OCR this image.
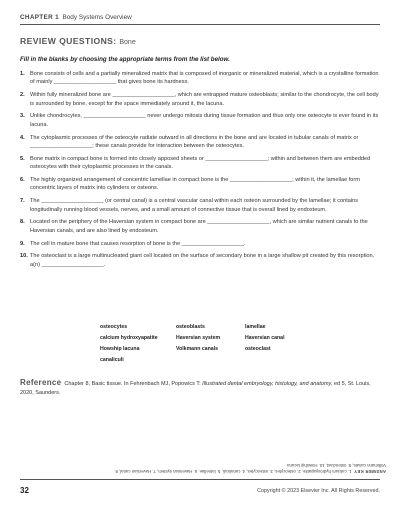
CHAPTER 1 Body Systems Overview
REVIEW QUESTIONS: Bone
Fill in the blanks by choosing the appropriate terms from the list below.
1. Bone consists of cells and a partially mineralized matrix that is composed of inorganic or mineralized material, which is a crystalline formation of mainly ____________________ that gives bone its hardness.
2. Within fully mineralized bone are ____________________, which are entrapped mature osteoblasts; similar to the chondrocyte, the cell body is surrounded by bone, except for the space immediately around it, the lacuna.
3. Unlike chondrocytes, ____________________ never undergo mitosis during tissue formation and thus only one osteocyte is ever found in its lacuna.
4. The cytoplasmic processes of the osteocyte radiate outward in all directions in the bone and are located in tubular canals of matrix or ____________________; these canals provide for interaction between the osteocytes.
5. Bone matrix in compact bone is formed into closely apposed sheets or ____________________; within and between them are embedded osteocytes with their cytoplasmic processes in the canals.
6. The highly organized arrangement of concentric lamellae in compact bone is the ____________________; within it, the lamellae form concentric layers of matrix into cylinders or osteons.
7. The ____________________ (or central canal) is a central vascular canal within each osteon surrounded by the lamellae; it contains longitudinally running blood vessels, nerves, and a small amount of connective tissue that is overall lined by endosteum.
8. Located on the periphery of the Haversian system in compact bone are ____________________, which are similar nutrient canals to the Haversian canals, and are also lined by endosteum.
9. The cell in mature bone that causes resorption of bone is the ____________________.
10. The osteoclast is a large multinucleated giant cell located on the surface of secondary bone in a large shallow pit created by this resorption, a(n) ____________________.
osteocytes	osteoblasts	lamellae
calcium hydroxyapatite	Haversian system	Haversian canal
Howship lacuna	Volkmann canals	osteoclast
canaliculi
Reference Chapter 8, Basic tissue. In Fehrenbach MJ, Popowics T: Illustrated dental embryology, histology, and anatomy, ed 5, St. Louis, 2020, Saunders.
ANSWER KEY  1. calcium hydroxyapatite, 2. osteocytes, 3. osteocytes, 4. canaliculi, 5. lamellae, 6. Haversian system, 7. Haversian canal, 8. Volkmann canals, 9. osteoclast, 10. Howship lacuna
32	Copyright © 2023 Elsevier Inc. All Rights Reserved.
